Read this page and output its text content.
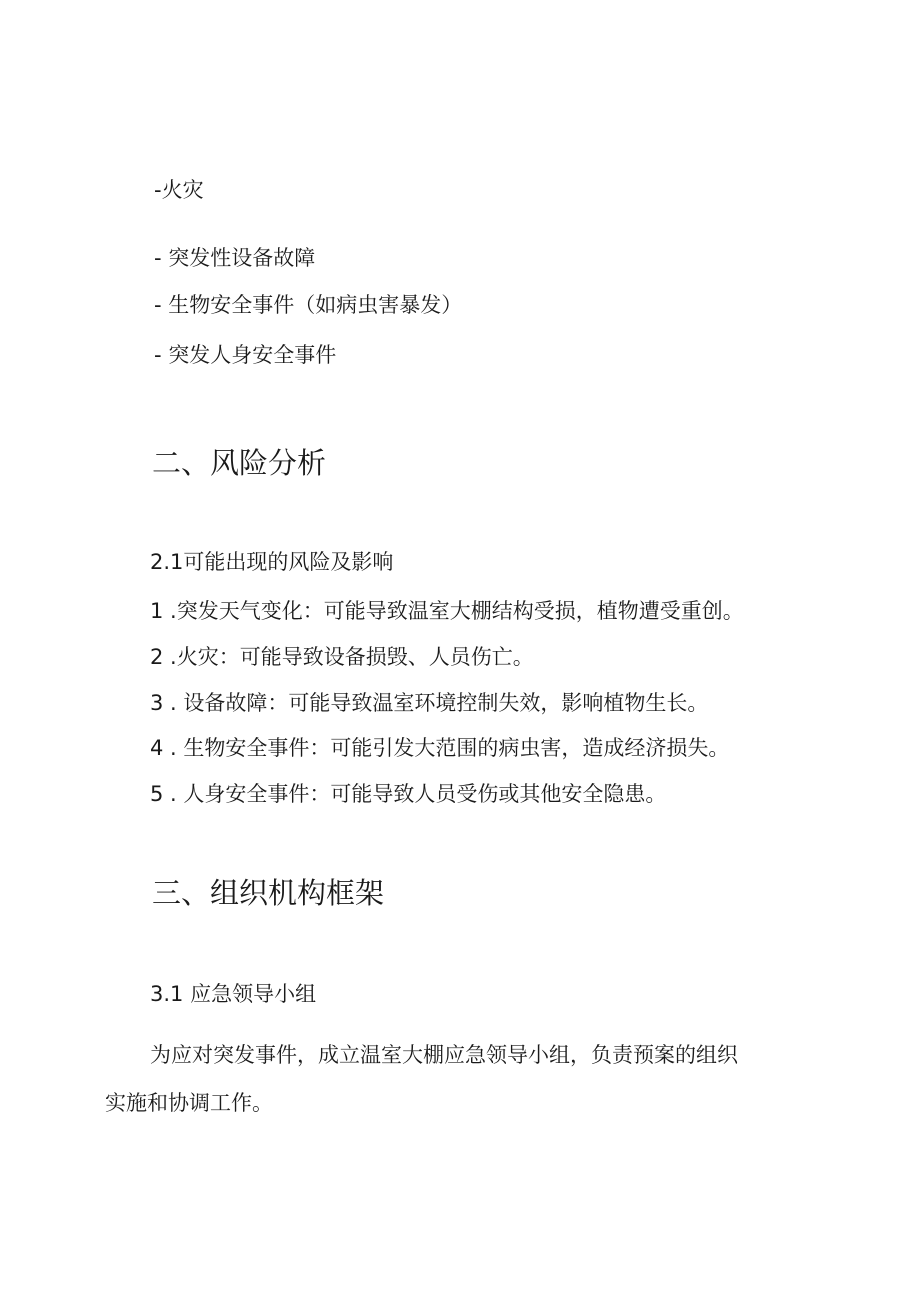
-火灾
- 突发性设备故障
- 生物安全事件（如病虫害暴发）
- 突发人身安全事件
二、风险分析
2.1可能出现的风险及影响
1 .突发天气变化：可能导致温室大棚结构受损，植物遭受重创。
2 .火灾：可能导致设备损毁、人员伤亡。
3 . 设备故障：可能导致温室环境控制失效，影响植物生长。
4 . 生物安全事件：可能引发大范围的病虫害，造成经济损失。
5 . 人身安全事件：可能导致人员受伤或其他安全隐患。
三、组织机构框架
3.1 应急领导小组
为应对突发事件，成立温室大棚应急领导小组，负责预案的组织
实施和协调工作。
